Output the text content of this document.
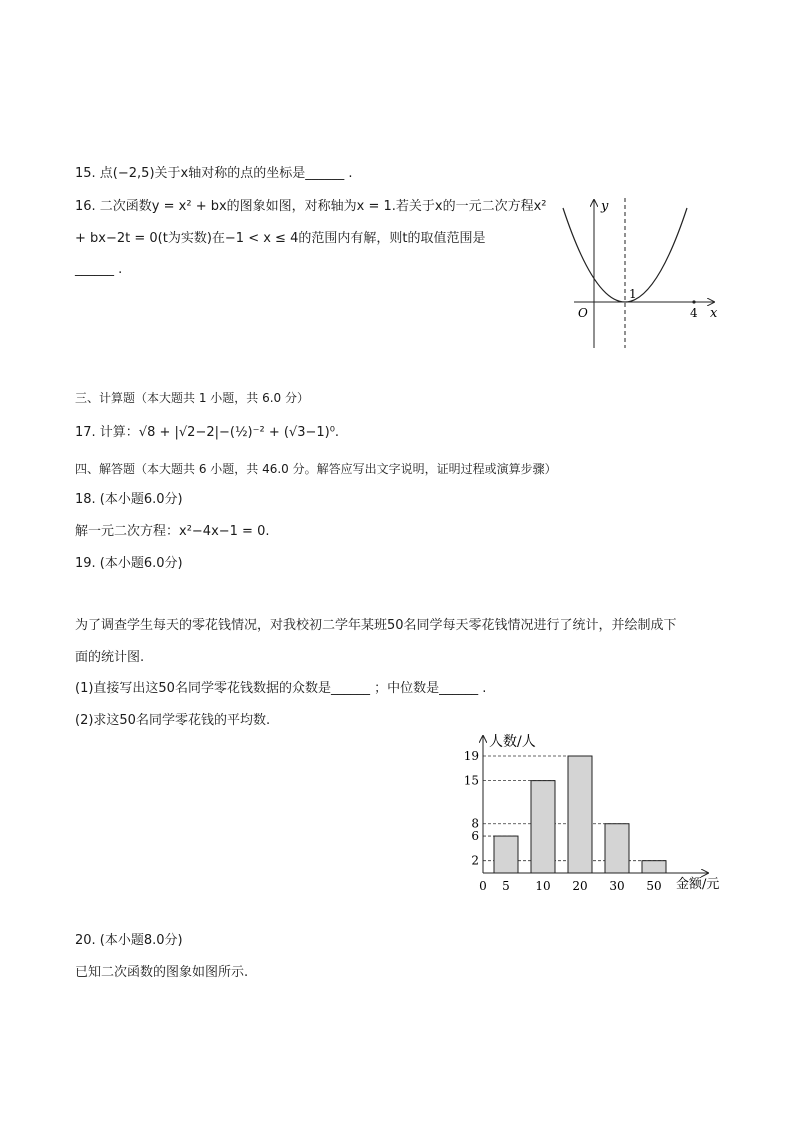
15. 点(−2,5)关于x轴对称的点的坐标是______ .
16. 二次函数y = x² + bx的图象如图，对称轴为x = 1.若关于x的一元二次方程x²
+ bx−2t = 0(t为实数)在−1 < x ≤ 4的范围内有解，则t的取值范围是
______ .
y
x
O
1
4
三、计算题（本大题共 1 小题，共 6.0 分）
17. 计算：√8 + |√2−2|−(½)⁻² + (√3−1)⁰.
四、解答题（本大题共 6 小题，共 46.0 分。解答应写出文字说明，证明过程或演算步骤）
18. (本小题6.0分)
解一元二次方程：x²−4x−1 = 0.
19. (本小题6.0分)
为了调查学生每天的零花钱情况，对我校初二学年某班50名同学每天零花钱情况进行了统计，并绘制成下
面的统计图.
(1)直接写出这50名同学零花钱数据的众数是______ ；中位数是______ .
(2)求这50名同学零花钱的平均数.
2
6
8
15
19
5 10 20 30 50
0
人数/人
金额/元
20. (本小题8.0分)
已知二次函数的图象如图所示.
